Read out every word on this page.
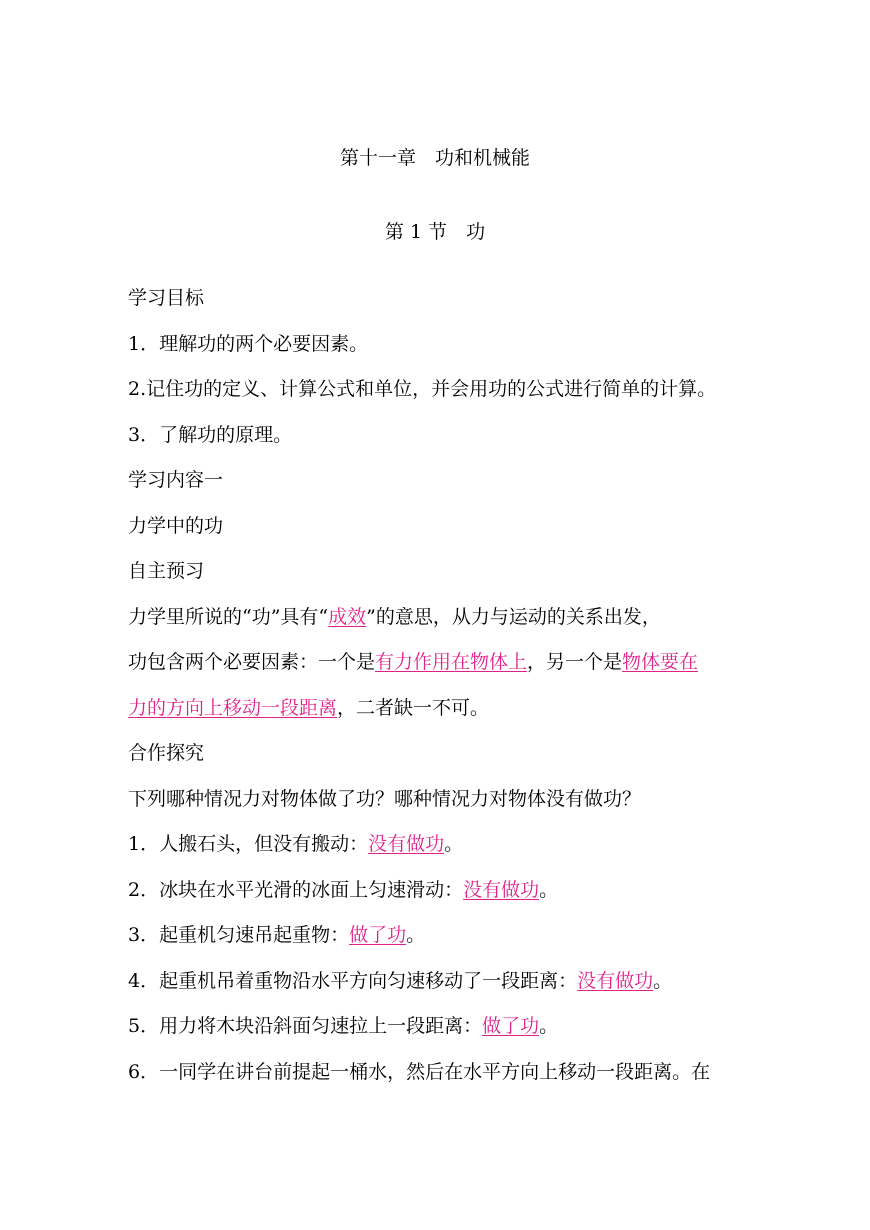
第十一章　功和机械能
第 1 节　功
学习目标
1．理解功的两个必要因素。
2.记住功的定义、计算公式和单位，并会用功的公式进行简单的计算。
3．了解功的原理。
学习内容一
力学中的功
自主预习
力学里所说的“功”具有“成效”的意思，从力与运动的关系出发，
功包含两个必要因素：一个是有力作用在物体上，另一个是物体要在
力的方向上移动一段距离，二者缺一不可。
合作探究
下列哪种情况力对物体做了功？哪种情况力对物体没有做功？
1．人搬石头，但没有搬动：没有做功。
2．冰块在水平光滑的冰面上匀速滑动：没有做功。
3．起重机匀速吊起重物：做了功。
4．起重机吊着重物沿水平方向匀速移动了一段距离：没有做功。
5．用力将木块沿斜面匀速拉上一段距离：做了功。
6．一同学在讲台前提起一桶水，然后在水平方向上移动一段距离。在
